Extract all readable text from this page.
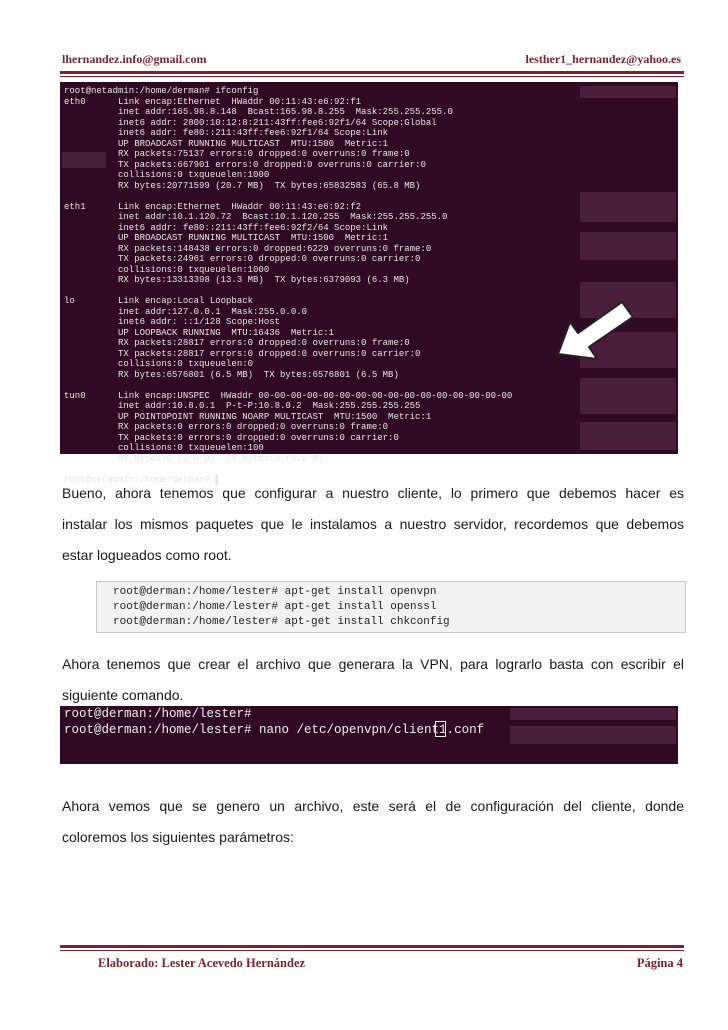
lhernandez.info@gmail.com	lesther1_hernandez@yahoo.es
root@netadmin:/home/derman# ifconfig
eth0      Link encap:Ethernet  HWaddr 00:11:43:e6:92:f1
inet addr:165.98.8.148  Bcast:165.98.8.255  Mask:255.255.255.0
inet6 addr: 2800:10:12:8:211:43ff:fee6:92f1/64 Scope:Global
inet6 addr: fe80::211:43ff:fee6:92f1/64 Scope:Link
UP BROADCAST RUNNING MULTICAST  MTU:1500  Metric:1
RX packets:75137 errors:0 dropped:0 overruns:0 frame:0
TX packets:667901 errors:0 dropped:0 overruns:0 carrier:0
collisions:0 txqueuelen:1000
RX bytes:20771599 (20.7 MB)  TX bytes:65832583 (65.8 MB)
eth1      Link encap:Ethernet  HWaddr 00:11:43:e6:92:f2
inet addr:10.1.120.72  Bcast:10.1.120.255  Mask:255.255.255.0
inet6 addr: fe80::211:43ff:fee6:92f2/64 Scope:Link
UP BROADCAST RUNNING MULTICAST  MTU:1500  Metric:1
RX packets:148438 errors:0 dropped:6229 overruns:0 frame:0
TX packets:24961 errors:0 dropped:0 overruns:0 carrier:0
collisions:0 txqueuelen:1000
RX bytes:13313398 (13.3 MB)  TX bytes:6379093 (6.3 MB)
lo        Link encap:Local Loopback
inet addr:127.0.0.1  Mask:255.0.0.0
inet6 addr: ::1/128 Scope:Host
UP LOOPBACK RUNNING  MTU:16436  Metric:1
RX packets:28817 errors:0 dropped:0 overruns:0 frame:0
TX packets:28817 errors:0 dropped:0 overruns:0 carrier:0
collisions:0 txqueuelen:0
RX bytes:6576801 (6.5 MB)  TX bytes:6576801 (6.5 MB)
tun0      Link encap:UNSPEC  HWaddr 00-00-00-00-00-00-00-00-00-00-00-00-00-00-00-00
inet addr:10.8.0.1  P-t-P:10.8.0.2  Mask:255.255.255.255
UP POINTOPOINT RUNNING NOARP MULTICAST  MTU:1500  Metric:1
RX packets:0 errors:0 dropped:0 overruns:0 frame:0
TX packets:0 errors:0 dropped:0 overruns:0 carrier:0
collisions:0 txqueuelen:100
RX bytes:0 (0.0 B)  TX bytes:0 (0.0 B)
root@netadmin:/home/derman# ▌
Bueno, ahora tenemos que configurar a nuestro cliente, lo primero que debemos hacer es
instalar los mismos paquetes que le instalamos a nuestro servidor, recordemos que debemos
estar logueados como root.
root@derman:/home/lester# apt-get install openvpn
root@derman:/home/lester# apt-get install openssl
root@derman:/home/lester# apt-get install chkconfig
Ahora tenemos que crear el archivo que generara la VPN, para lograrlo basta con escribir el
siguiente comando.
root@derman:/home/lester#
root@derman:/home/lester# nano /etc/openvpn/client1.conf
Ahora vemos que se genero un archivo, este será el de configuración del cliente, donde
coloremos los siguientes parámetros:
Elaborado: Lester Acevedo Hernández	Página 4
